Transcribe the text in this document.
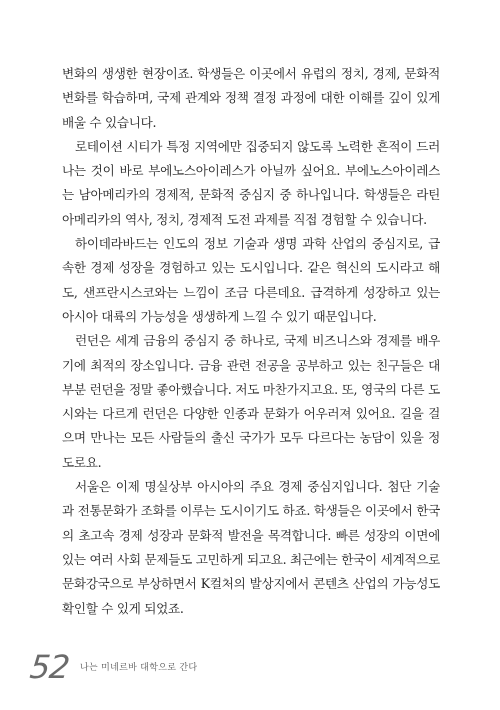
변화의 생생한 현장이죠. 학생들은 이곳에서 유럽의 정치, 경제, 문화적 변화를 학습하며, 국제 관계와 정책 결정 과정에 대한 이해를 깊이 있게 배울 수 있습니다.

로테이션 시티가 특정 지역에만 집중되지 않도록 노력한 흔적이 드러나는 것이 바로 부에노스아이레스가 아닐까 싶어요. 부에노스아이레스는 남아메리카의 경제적, 문화적 중심지 중 하나입니다. 학생들은 라틴 아메리카의 역사, 정치, 경제적 도전 과제를 직접 경험할 수 있습니다.

하이데라바드는 인도의 정보 기술과 생명 과학 산업의 중심지로, 급속한 경제 성장을 경험하고 있는 도시입니다. 같은 혁신의 도시라고 해도, 샌프란시스코와는 느낌이 조금 다른데요. 급격하게 성장하고 있는 아시아 대륙의 가능성을 생생하게 느낄 수 있기 때문입니다.

런던은 세계 금융의 중심지 중 하나로, 국제 비즈니스와 경제를 배우기에 최적의 장소입니다. 금융 관련 전공을 공부하고 있는 친구들은 대부분 런던을 정말 좋아했습니다. 저도 마찬가지고요. 또, 영국의 다른 도시와는 다르게 런던은 다양한 인종과 문화가 어우러져 있어요. 길을 걸으며 만나는 모든 사람들의 출신 국가가 모두 다르다는 농담이 있을 정도로요.

서울은 이제 명실상부 아시아의 주요 경제 중심지입니다. 첨단 기술과 전통문화가 조화를 이루는 도시이기도 하죠. 학생들은 이곳에서 한국의 초고속 경제 성장과 문화적 발전을 목격합니다. 빠른 성장의 이면에 있는 여러 사회 문제들도 고민하게 되고요. 최근에는 한국이 세계적으로 문화강국으로 부상하면서 K컬처의 발상지에서 콘텐츠 산업의 가능성도 확인할 수 있게 되었죠.

52 나는 미네르바 대학으로 간다
